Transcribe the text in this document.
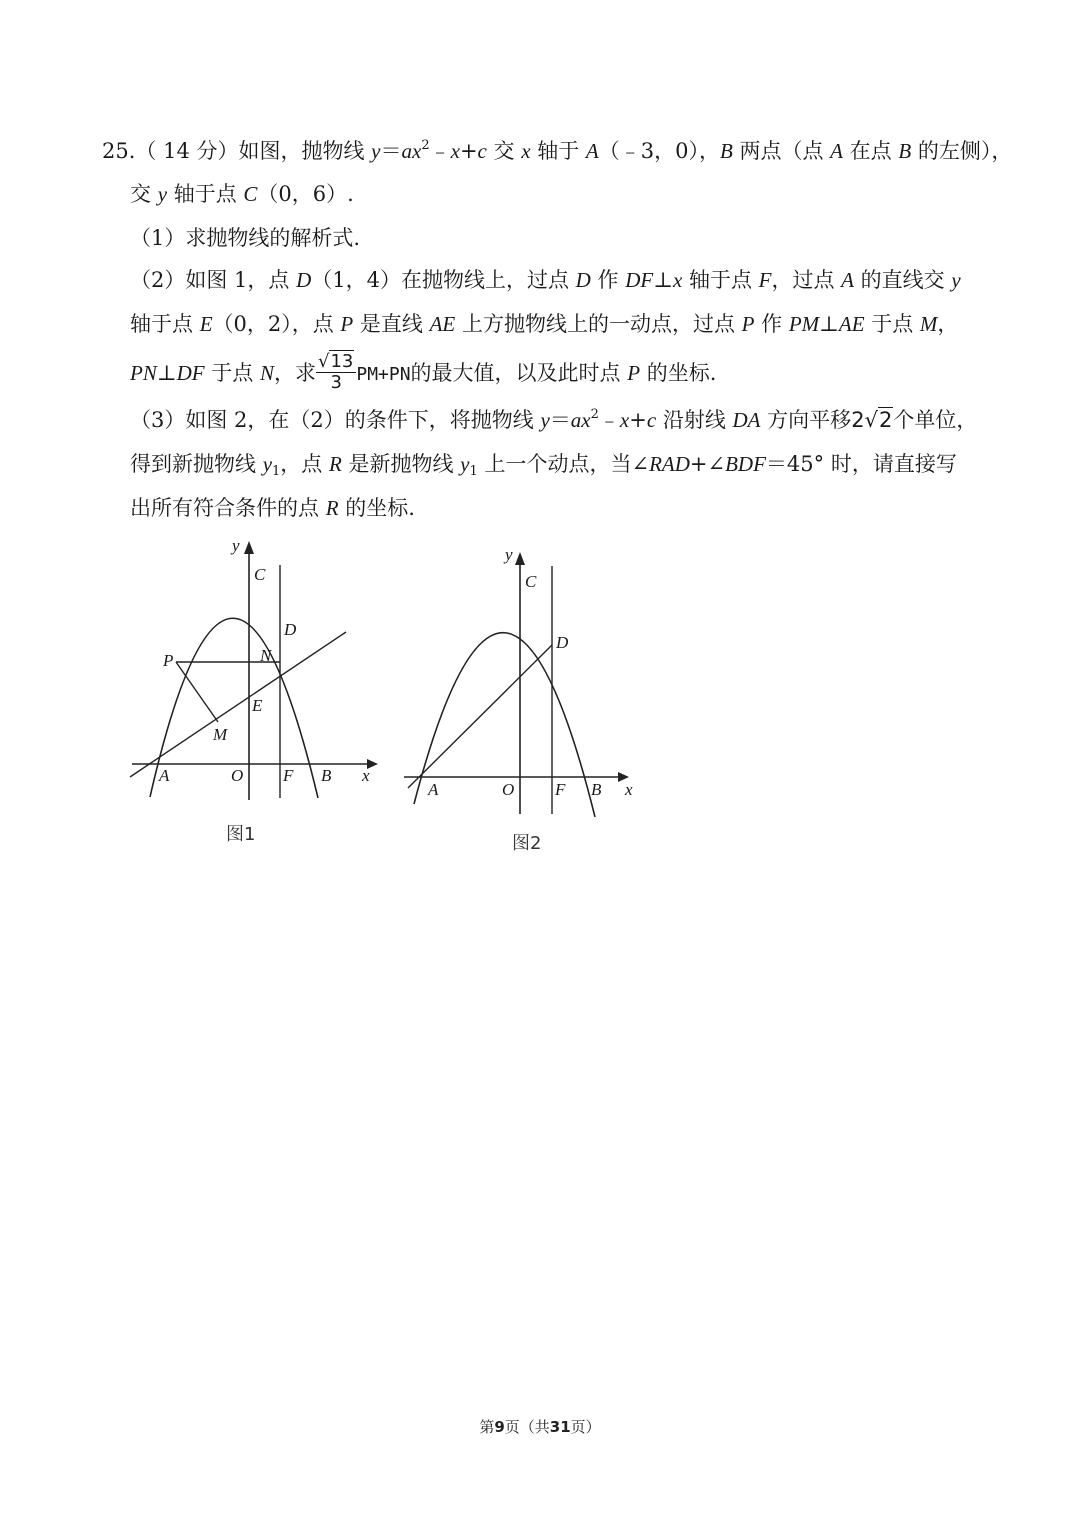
25.（ 14 分）如图，抛物线 $y=ax^2﹣x+c$ 交 x 轴于 A（﹣3，0），B 两点（点 A 在点 B 的左侧），
交 y 轴于点 C（0，6）.
（1）求抛物线的解析式.
（2）如图 1，点 D（1，4）在抛物线上，过点 D 作 DF⊥x 轴于点 F，过点 A 的直线交 y
轴于点 E（0，2），点 P 是直线 AE 上方抛物线上的一动点，过点 P 作 PM⊥AE 于点 M，
PN⊥DF 于点 N，求 $\frac{√13}{3} PM+PN$的最大值，以及此时点 P 的坐标.
（3）如图 2，在（2）的条件下，将抛物线 $y=ax^2﹣x+c$ 沿射线 DA 方向平移2√2个单位，
得到新抛物线 $y_1$，点 R 是新抛物线 $y_1$ 上一个动点，当∠RAD+∠BDF＝45° 时，请直接写
出所有符合条件的点 R 的坐标.
y
C
D
P	N
E
M
A	O F B x
图1
y
C
D
A	O F B x
图2
第9页（共31页）
